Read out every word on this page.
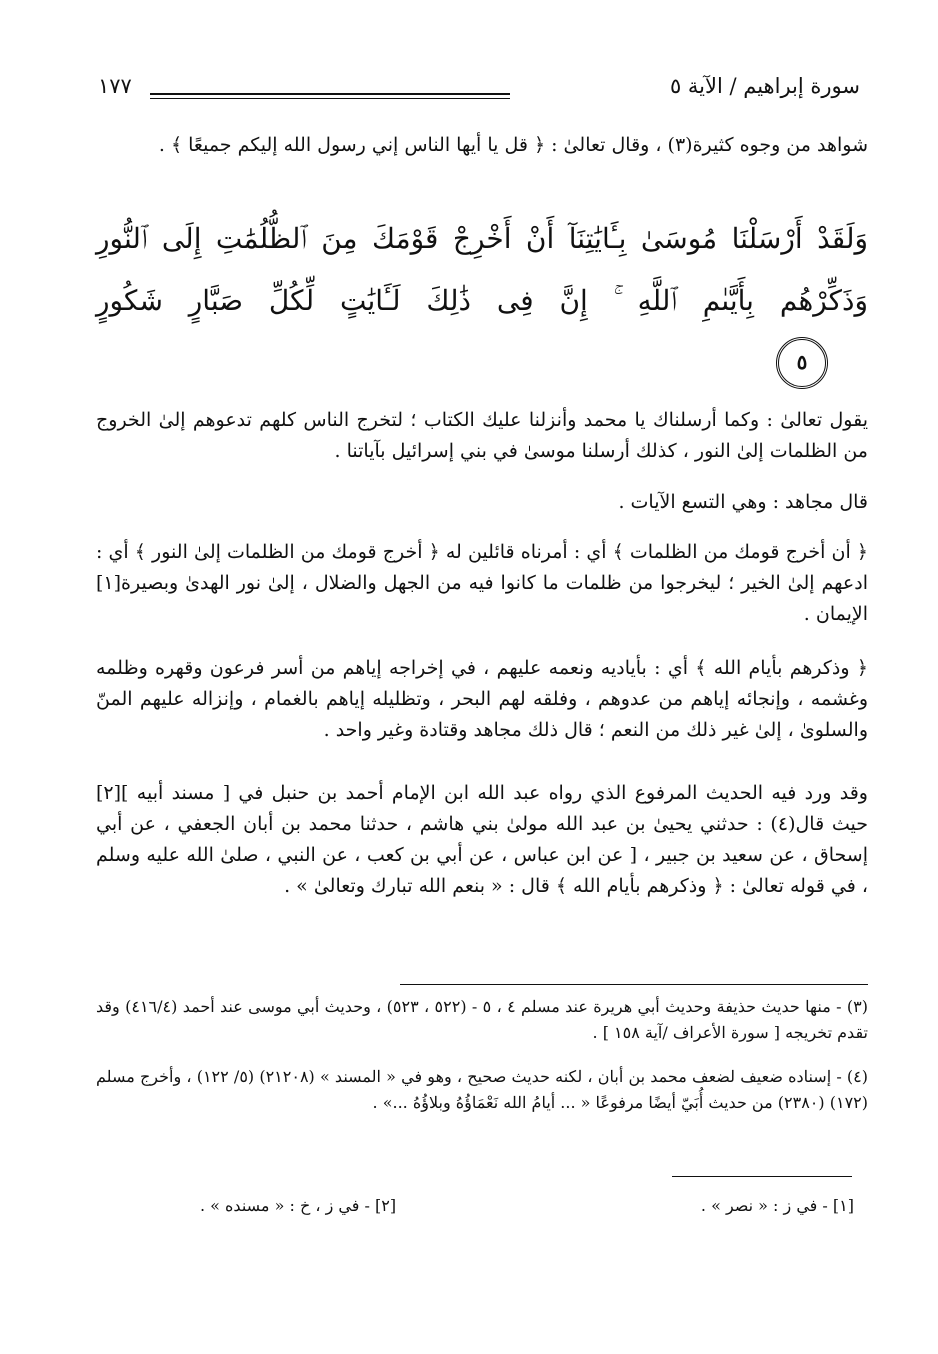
سورة إبراهيم / الآية ٥
١٧٧
شواهد من وجوه كثيرة(٣) ، وقال تعالىٰ : ﴿ قل يا أيها الناس إني رسول الله إليكم جميعًا ﴾ .
وَلَقَدْ أَرْسَلْنَا مُوسَىٰ بِـَٔايَٰتِنَآ أَنْ أَخْرِجْ قَوْمَكَ مِنَ ٱلظُّلُمَٰتِ إِلَى ٱلنُّورِ وَذَكِّرْهُم بِأَيَّىٰمِ ٱللَّهِ ۚ إِنَّ فِى ذَٰلِكَ لَـَٔايَٰتٍ لِّكُلِّ صَبَّارٍ شَكُورٍ
٥
يقول تعالىٰ : وكما أرسلناك يا محمد وأنزلنا عليك الكتاب ؛ لتخرج الناس كلهم تدعوهم إلىٰ الخروج من الظلمات إلىٰ النور ، كذلك أرسلنا موسىٰ في بني إسرائيل بآياتنا .
قال مجاهد : وهي التسع الآيات .
﴿ أن أخرج قومك من الظلمات ﴾ أي : أمرناه قائلين له ﴿ أخرج قومك من الظلمات إلىٰ النور ﴾ أي : ادعهم إلىٰ الخير ؛ ليخرجوا من ظلمات ما كانوا فيه من الجهل والضلال ، إلىٰ نور الهدىٰ وبصيرة[١] الإيمان .
﴿ وذكرهم بأيام الله ﴾ أي : بأياديه ونعمه عليهم ، في إخراجه إياهم من أسر فرعون وقهره وظلمه وغشمه ، وإنجائه إياهم من عدوهم ، وفلقه لهم البحر ، وتظليله إياهم بالغمام ، وإنزاله عليهم المنّ والسلوىٰ ، إلىٰ غير ذلك من النعم ؛ قال ذلك مجاهد وقتادة وغير واحد .
وقد ورد فيه الحديث المرفوع الذي رواه عبد الله ابن الإمام أحمد بن حنبل في [ مسند أبيه ][٢] حيث قال(٤) : حدثني يحيىٰ بن عبد الله مولىٰ بني هاشم ، حدثنا محمد بن أبان الجعفي ، عن أبي إسحاق ، عن سعيد بن جبير ، [ عن ابن عباس ، عن أبي بن كعب ، عن النبي ، صلىٰ الله عليه وسلم ، في قوله تعالىٰ : ﴿ وذكرهم بأيام الله ﴾ قال : « بنعم الله تبارك وتعالىٰ » .
(٣) - منها حديث حذيفة وحديث أبي هريرة عند مسلم ٤ ، ٥ - (٥٢٢ ، ٥٢٣) ، وحديث أبي موسى عند أحمد (٤١٦/٤) وقد تقدم تخريجه [ سورة الأعراف /آية ١٥٨ ] .
(٤) - إسناده ضعيف لضعف محمد بن أبان ، لكنه حديث صحيح ، وهو في « المسند » (٢١٢٠٨) (٥/ ١٢٢) ، وأخرج مسلم (١٧٢) (٢٣٨٠) من حديث أُبَيّ أيضًا مرفوعًا « ... أيامُ الله نَعْمَاؤُهُ وبلاؤُهُ ...» .
[١] - في ز : « نصر » .
[٢] - في ز ، خ : « مسنده » .
